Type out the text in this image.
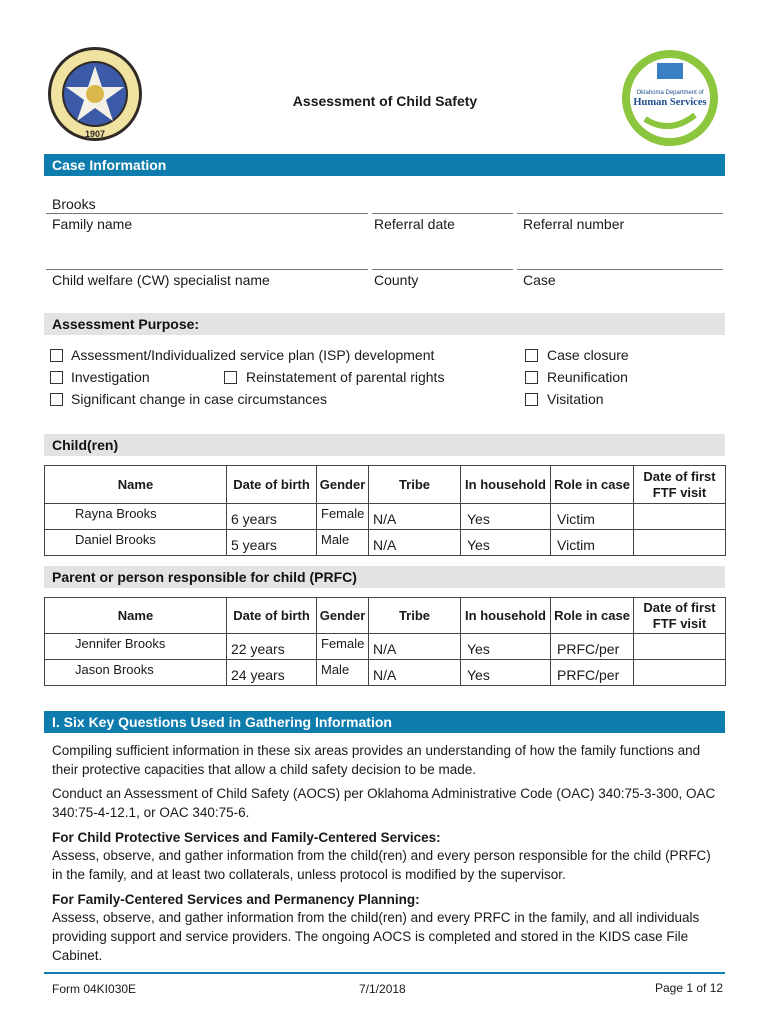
1907
Assessment of Child Safety	Oklahoma Department of
Human Services
Case Information
Brooks
Family name	Referral date	Referral number
Child welfare (CW) specialist name	County	Case
Assessment Purpose:
Assessment/Individualized service plan (ISP) development
Investigation	Reinstatement of parental rights
Significant change in case circumstances
Case closure
Reunification
Visitation
Child(ren)
Name	Date of birth	Gender	Tribe	In household	Role in case	Date of first FTF visit

Rayna Brooks	6 years	Female	N/A	Yes	Victim	

Daniel Brooks	5 years	Male	N/A	Yes	Victim	

Parent or person responsible for child (PRFC)
Name	Date of birth	Gender	Tribe	In household	Role in case	Date of first FTF visit

Jennifer Brooks	22 years	Female	N/A	Yes	PRFC/per	

Jason Brooks	24 years	Male	N/A	Yes	PRFC/per	

I. Six Key Questions Used in Gathering Information
Compiling sufficient information in these six areas provides an understanding of how the family functions and their protective capacities that allow a child safety decision to be made.
Conduct an Assessment of Child Safety (AOCS) per Oklahoma Administrative Code (OAC) 340:75-3-300, OAC 340:75-4-12.1, or OAC 340:75-6.
For Child Protective Services and Family-Centered Services:
Assess, observe, and gather information from the child(ren) and every person responsible for the child (PRFC) in the family, and at least two collaterals, unless protocol is modified by the supervisor.
For Family-Centered Services and Permanency Planning:
Assess, observe, and gather information from the child(ren) and every PRFC in the family, and all individuals providing support and service providers. The ongoing AOCS is completed and stored in the KIDS case File Cabinet.
Form 04KI030E	7/1/2018	Page 1 of 12
